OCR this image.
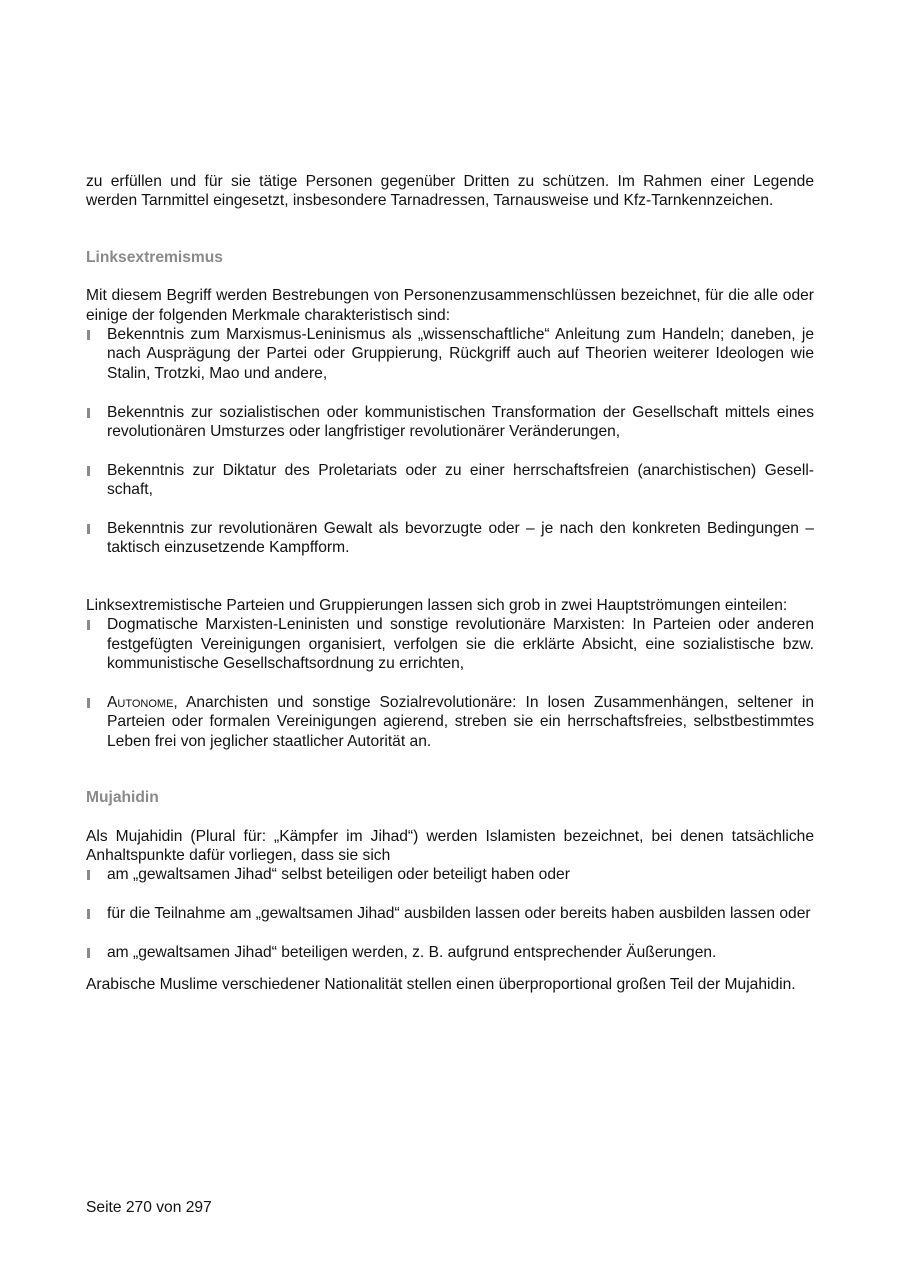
zu erfüllen und für sie tätige Personen gegenüber Dritten zu schützen. Im Rahmen einer Legende werden Tarnmittel eingesetzt, insbesondere Tarnadressen, Tarnausweise und Kfz-Tarnkennzeichen.

Linksextremismus

Mit diesem Begriff werden Bestrebungen von Personenzusammenschlüssen bezeichnet, für die alle oder einige der folgenden Merkmale charakteristisch sind:

Bekenntnis zum Marxismus-Leninismus als „wissenschaftliche“ Anleitung zum Handeln; daneben, je nach Ausprägung der Partei oder Gruppierung, Rückgriff auch auf Theorien weiterer Ideologen wie Stalin, Trotzki, Mao und andere,
Bekenntnis zur sozialistischen oder kommunistischen Transformation der Gesellschaft mittels eines revolutionären Umsturzes oder langfristiger revolutionärer Veränderungen,
Bekenntnis zur Diktatur des Proletariats oder zu einer herrschaftsfreien (anarchistischen) Gesellschaft,
Bekenntnis zur revolutionären Gewalt als bevorzugte oder – je nach den konkreten Bedingungen – taktisch einzusetzende Kampfform.

Linksextremistische Parteien und Gruppierungen lassen sich grob in zwei Hauptströmungen einteilen:

Dogmatische Marxisten-Leninisten und sonstige revolutionäre Marxisten: In Parteien oder anderen festgefügten Vereinigungen organisiert, verfolgen sie die erklärte Absicht, eine sozialistische bzw. kommunistische Gesellschaftsordnung zu errichten,
Autonome, Anarchisten und sonstige Sozialrevolutionäre: In losen Zusammenhängen, seltener in Parteien oder formalen Vereinigungen agierend, streben sie ein herrschaftsfreies, selbstbestimmtes Leben frei von jeglicher staatlicher Autorität an.

Mujahidin

Als Mujahidin (Plural für: „Kämpfer im Jihad“) werden Islamisten bezeichnet, bei denen tatsächliche Anhaltspunkte dafür vorliegen, dass sie sich

am „gewaltsamen Jihad“ selbst beteiligen oder beteiligt haben oder
für die Teilnahme am „gewaltsamen Jihad“ ausbilden lassen oder bereits haben ausbilden lassen oder
am „gewaltsamen Jihad“ beteiligen werden, z. B. aufgrund entsprechender Äußerungen.

Arabische Muslime verschiedener Nationalität stellen einen überproportional großen Teil der Mujahidin.

Seite 270 von 297
